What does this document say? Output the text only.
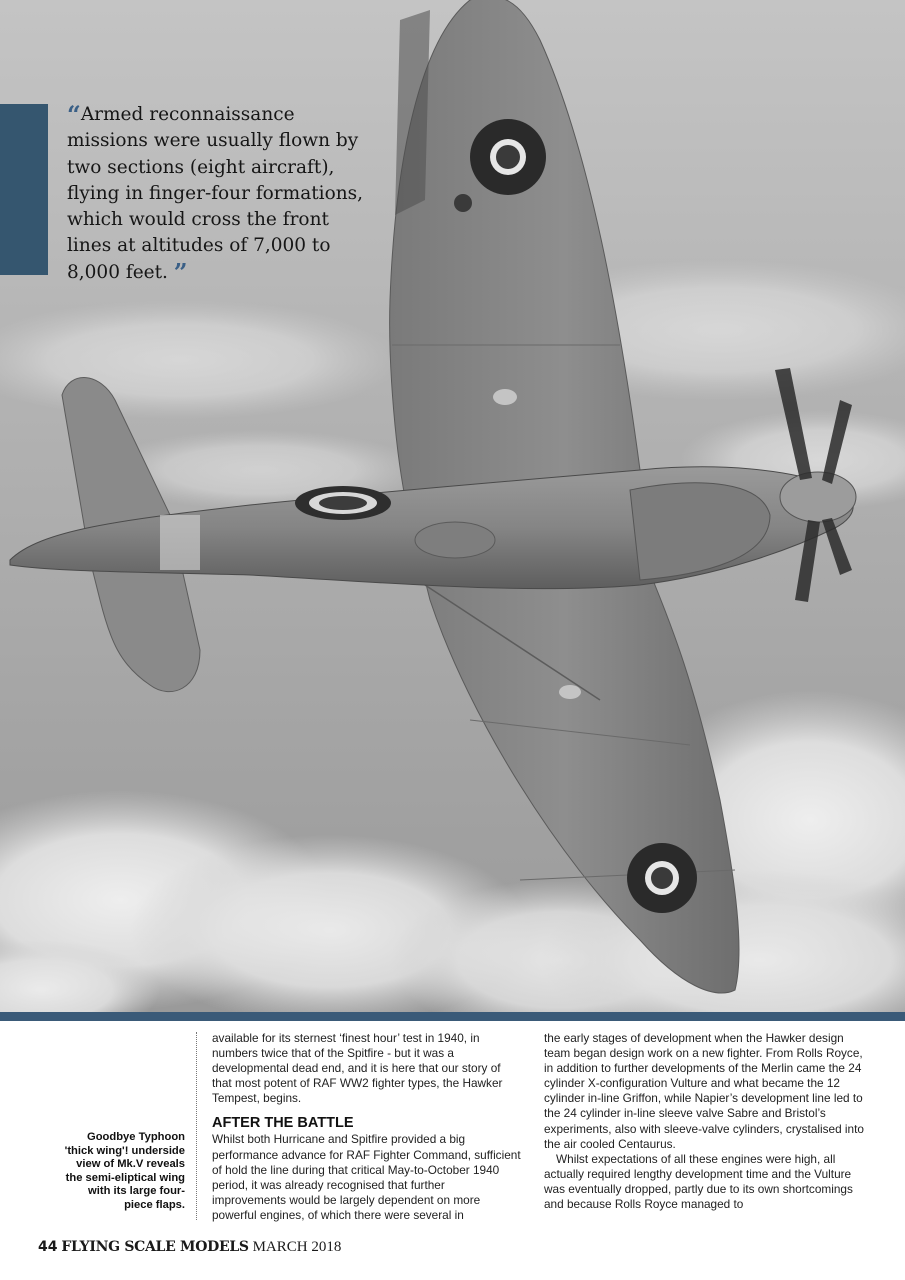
“Armed reconnaissance missions were usually flown by two sections (eight aircraft), flying in finger-four formations, which would cross the front lines at altitudes of 7,000 to 8,000 feet. ”

Goodbye Typhoon 'thick wing'! underside view of Mk.V reveals the semi-eliptical wing with its large four-piece flaps.

available for its sternest ‘finest hour’ test in 1940, in numbers twice that of the Spitfire - but it was a developmental dead end, and it is here that our story of that most potent of RAF WW2 fighter types, the Hawker Tempest, begins.

AFTER THE BATTLE

Whilst both Hurricane and Spitfire provided a big performance advance for RAF Fighter Command, sufficient of hold the line during that critical May-to-October 1940 period, it was already recognised that further improvements would be largely dependent on more powerful engines, of which there were several in

the early stages of development when the Hawker design team began design work on a new fighter. From Rolls Royce, in addition to further developments of the Merlin came the 24 cylinder X-configuration Vulture and what became the 12 cylinder in-line Griffon, while Napier’s development line led to the 24 cylinder in-line sleeve valve Sabre and Bristol’s experiments, also with sleeve-valve cylinders, crystalised into the air cooled Centaurus.

Whilst expectations of all these engines were high, all actually required lengthy development time and the Vulture was eventually dropped, partly due to its own shortcomings and because Rolls Royce managed to

44 FLYING SCALE MODELS MARCH 2018
